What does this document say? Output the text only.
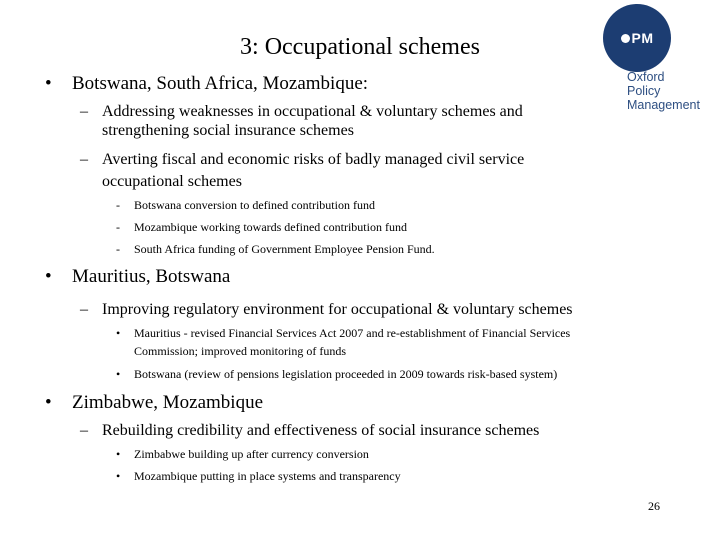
3: Occupational schemes	PM
Oxford
Policy
Management
• Botswana, South Africa, Mozambique:
– Addressing weaknesses in occupational & voluntary schemes and
strengthening social insurance schemes
– Averting fiscal and economic risks of badly managed civil service
occupational schemes
- Botswana conversion to defined contribution fund
- Mozambique working towards defined contribution fund
- South Africa funding of Government Employee Pension Fund.
• Mauritius, Botswana
– Improving regulatory environment for occupational & voluntary schemes
• Mauritius - revised Financial Services Act 2007 and re-establishment of Financial Services
Commission; improved monitoring of funds
• Botswana (review of pensions legislation proceeded in 2009 towards risk-based system)
• Zimbabwe, Mozambique
– Rebuilding credibility and effectiveness of social insurance schemes
• Zimbabwe building up after currency conversion
• Mozambique putting in place systems and transparency
26
